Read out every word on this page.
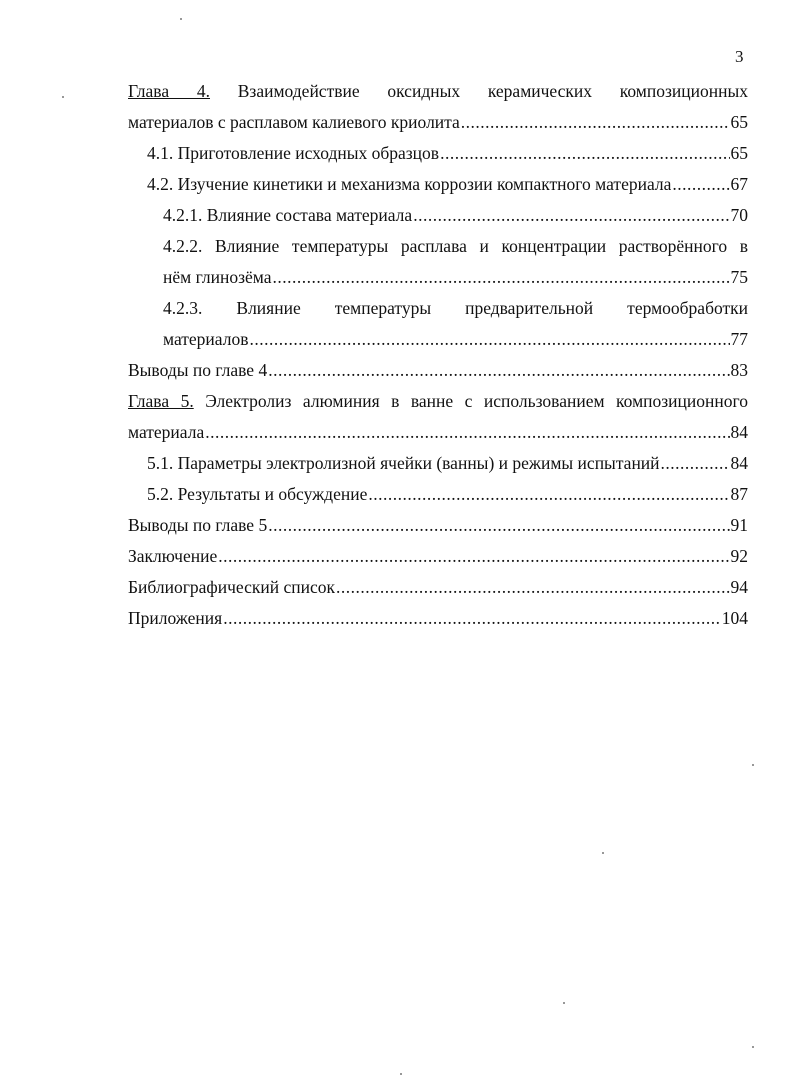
3
Глава 4. Взаимодействие оксидных керамических композиционных
материалов с расплавом калиевого криолита .....	65
4.1. Приготовление исходных образцов .....	65
4.2. Изучение кинетики и механизма коррозии компактного материала .....	67
4.2.1. Влияние состава материала .....	70
4.2.2. Влияние температуры расплава и концентрации растворённого в
нём глинозёма .....	75
4.2.3. Влияние температуры предварительной термообработки
материалов .....	77
Выводы по главе 4 .....	83
Глава 5. Электролиз алюминия в ванне с использованием композиционного
материала .....	84
5.1. Параметры электролизной ячейки (ванны) и режимы испытаний .....	84
5.2. Результаты и обсуждение .....	87
Выводы по главе 5 .....	91
Заключение .....	92
Библиографический список .....	94
Приложения .....	104
